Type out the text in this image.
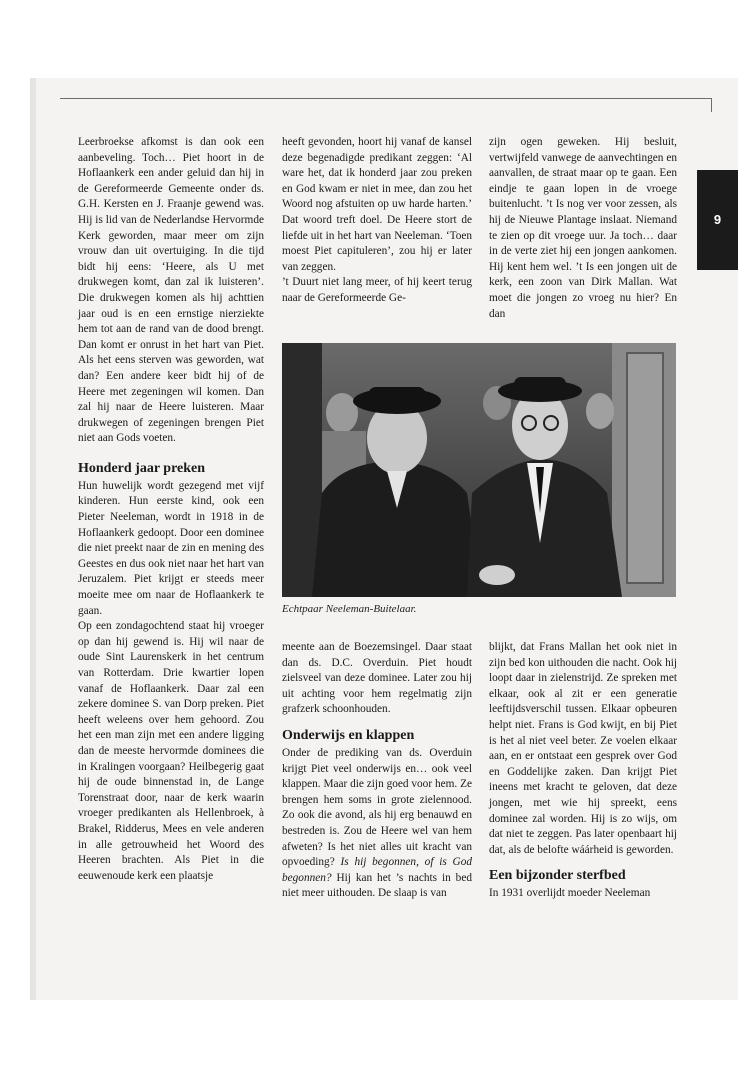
9

Leerbroekse afkomst is dan ook een aanbeveling. Toch… Piet hoort in de Hoflaankerk een ander geluid dan hij in de Gereformeerde Gemeente onder ds. G.H. Kersten en J. Fraanje gewend was. Hij is lid van de Nederlandse Hervormde Kerk geworden, maar meer om zijn vrouw dan uit overtuiging. In die tijd bidt hij eens: ‘Heere, als U met drukwegen komt, dan zal ik luisteren’. Die drukwegen komen als hij achttien jaar oud is en een ernstige nierziekte hem tot aan de rand van de dood brengt. Dan komt er onrust in het hart van Piet. Als het eens sterven was geworden, wat dan? Een andere keer bidt hij of de Heere met zegeningen wil komen. Dan zal hij naar de Heere luisteren. Maar drukwegen of zegeningen brengen Piet niet aan Gods voeten.

Honderd jaar preken

Hun huwelijk wordt gezegend met vijf kinderen. Hun eerste kind, ook een Pieter Neeleman, wordt in 1918 in de Hoflaankerk gedoopt. Door een dominee die niet preekt naar de zin en mening des Geestes en dus ook niet naar het hart van Jeruzalem. Piet krijgt er steeds meer moeite mee om naar de Hoflaankerk te gaan.

Op een zondagochtend staat hij vroeger op dan hij gewend is. Hij wil naar de oude Sint Laurenskerk in het centrum van Rotterdam. Drie kwartier lopen vanaf de Hoflaankerk. Daar zal een zekere dominee S. van Dorp preken. Piet heeft weleens over hem gehoord. Zou het een man zijn met een andere ligging dan de meeste hervormde dominees die in Kralingen voorgaan? Heilbegerig gaat hij de oude binnenstad in, de Lange Torenstraat door, naar de kerk waarin vroeger predikanten als Hellenbroek, à Brakel, Ridderus, Mees en vele anderen in alle getrouwheid het Woord des Heeren brachten. Als Piet in die eeuwenoude kerk een plaatsje

heeft gevonden, hoort hij vanaf de kansel deze begenadigde predikant zeggen: ‘Al ware het, dat ik honderd jaar zou preken en God kwam er niet in mee, dan zou het Woord nog afstuiten op uw harde harten.’ Dat woord treft doel. De Heere stort de liefde uit in het hart van Neeleman. ‘Toen moest Piet capituleren’, zou hij er later van zeggen.

’t Duurt niet lang meer, of hij keert terug naar de Gereformeerde Ge-

zijn ogen geweken. Hij besluit, vertwijfeld vanwege de aanvechtingen en aanvallen, de straat maar op te gaan. Een eindje te gaan lopen in de vroege buitenlucht. ’t Is nog ver voor zessen, als hij de Nieuwe Plantage inslaat. Niemand te zien op dit vroege uur. Ja toch… daar in de verte ziet hij een jongen aankomen. Hij kent hem wel. ’t Is een jongen uit de kerk, een zoon van Dirk Mallan. Wat moet die jongen zo vroeg nu hier? En dan

Echtpaar Neeleman-Buitelaar.

meente aan de Boezemsingel. Daar staat dan ds. D.C. Overduin. Piet houdt zielsveel van deze dominee. Later zou hij uit achting voor hem regelmatig zijn grafzerk schoonhouden.

Onderwijs en klappen

Onder de prediking van ds. Overduin krijgt Piet veel onderwijs en… ook veel klappen. Maar die zijn goed voor hem. Ze brengen hem soms in grote zielennood. Zo ook die avond, als hij erg benauwd en bestreden is. Zou de Heere wel van hem afweten? Is het niet alles uit kracht van opvoeding? Is hij begonnen, of is God begonnen? Hij kan het ’s nachts in bed niet meer uithouden. De slaap is van

blijkt, dat Frans Mallan het ook niet in zijn bed kon uithouden die nacht. Ook hij loopt daar in zielenstrijd. Ze spreken met elkaar, ook al zit er een generatie leeftijdsverschil tussen. Elkaar opbeuren helpt niet. Frans is God kwijt, en bij Piet is het al niet veel beter. Ze voelen elkaar aan, en er ontstaat een gesprek over God en Goddelijke zaken. Dan krijgt Piet ineens met kracht te geloven, dat deze jongen, met wie hij spreekt, eens dominee zal worden. Hij is zo wijs, om dat niet te zeggen. Pas later openbaart hij dat, als de belofte wáárheid is geworden.

Een bijzonder sterfbed

In 1931 overlijdt moeder Neeleman
